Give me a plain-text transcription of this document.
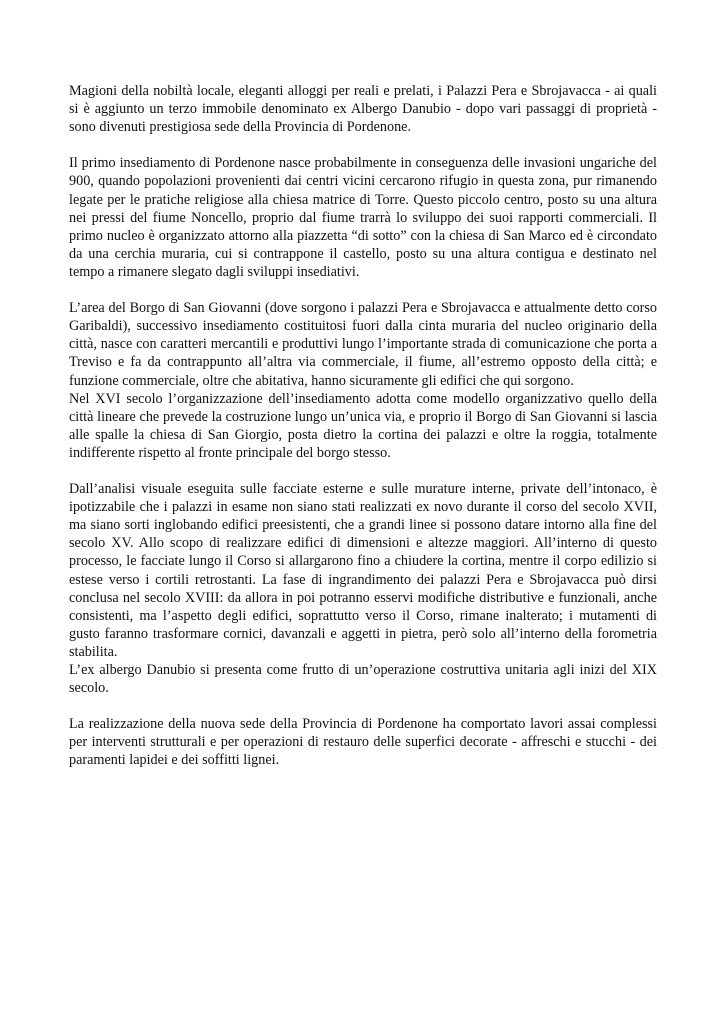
Magioni della nobiltà locale, eleganti alloggi per reali e prelati, i Palazzi Pera e Sbrojavacca - ai quali si è aggiunto un terzo immobile denominato ex Albergo Danubio - dopo vari passaggi di proprietà - sono divenuti prestigiosa sede della Provincia di Pordenone.

Il primo insediamento di Pordenone nasce probabilmente in conseguenza delle invasioni ungariche del 900, quando popolazioni provenienti dai centri vicini cercarono rifugio in questa zona, pur rimanendo legate per le pratiche religiose alla chiesa matrice di Torre. Questo piccolo centro, posto su una altura nei pressi del fiume Noncello, proprio dal fiume trarrà lo sviluppo dei suoi rapporti commerciali. Il primo nucleo è organizzato attorno alla piazzetta “di sotto” con la chiesa di San Marco ed è circondato da una cerchia muraria, cui si contrappone il castello, posto su una altura contigua e destinato nel tempo a rimanere slegato dagli sviluppi insediativi.

L’area del Borgo di San Giovanni (dove sorgono i palazzi Pera e Sbrojavacca e attualmente detto corso Garibaldi), successivo insediamento costituitosi fuori dalla cinta muraria del nucleo originario della città, nasce con caratteri mercantili e produttivi lungo l’importante strada di comunicazione che porta a Treviso e fa da contrappunto all’altra via commerciale, il fiume, all’estremo opposto della città; e funzione commerciale, oltre che abitativa, hanno sicuramente gli edifici che qui sorgono.

Nel XVI secolo l’organizzazione dell’insediamento adotta come modello organizzativo quello della città lineare che prevede la costruzione lungo un’unica via, e proprio il Borgo di San Giovanni si lascia alle spalle la chiesa di San Giorgio, posta dietro la cortina dei palazzi e oltre la roggia, totalmente indifferente rispetto al fronte principale del borgo stesso.

Dall’analisi visuale eseguita sulle facciate esterne e sulle murature interne, private dell’intonaco, è ipotizzabile che i palazzi in esame non siano stati realizzati ex novo durante il corso del secolo XVII, ma siano sorti inglobando edifici preesistenti, che a grandi linee si possono datare intorno alla fine del secolo XV. Allo scopo di realizzare edifici di dimensioni e altezze maggiori. All’interno di questo processo, le facciate lungo il Corso si allargarono fino a chiudere la cortina, mentre il corpo edilizio si estese verso i cortili retrostanti. La fase di ingrandimento dei palazzi Pera e Sbrojavacca può dirsi conclusa nel secolo XVIII: da allora in poi potranno esservi modifiche distributive e funzionali, anche consistenti, ma l’aspetto degli edifici, soprattutto verso il Corso, rimane inalterato; i mutamenti di gusto faranno trasformare cornici, davanzali e aggetti in pietra, però solo all’interno della forometria stabilita.

L’ex albergo Danubio si presenta come frutto di un’operazione costruttiva unitaria agli inizi del XIX secolo.

La realizzazione della nuova sede della Provincia di Pordenone ha comportato lavori assai complessi per interventi strutturali e per operazioni di restauro delle superfici decorate - affreschi e stucchi - dei paramenti lapidei e dei soffitti lignei.
